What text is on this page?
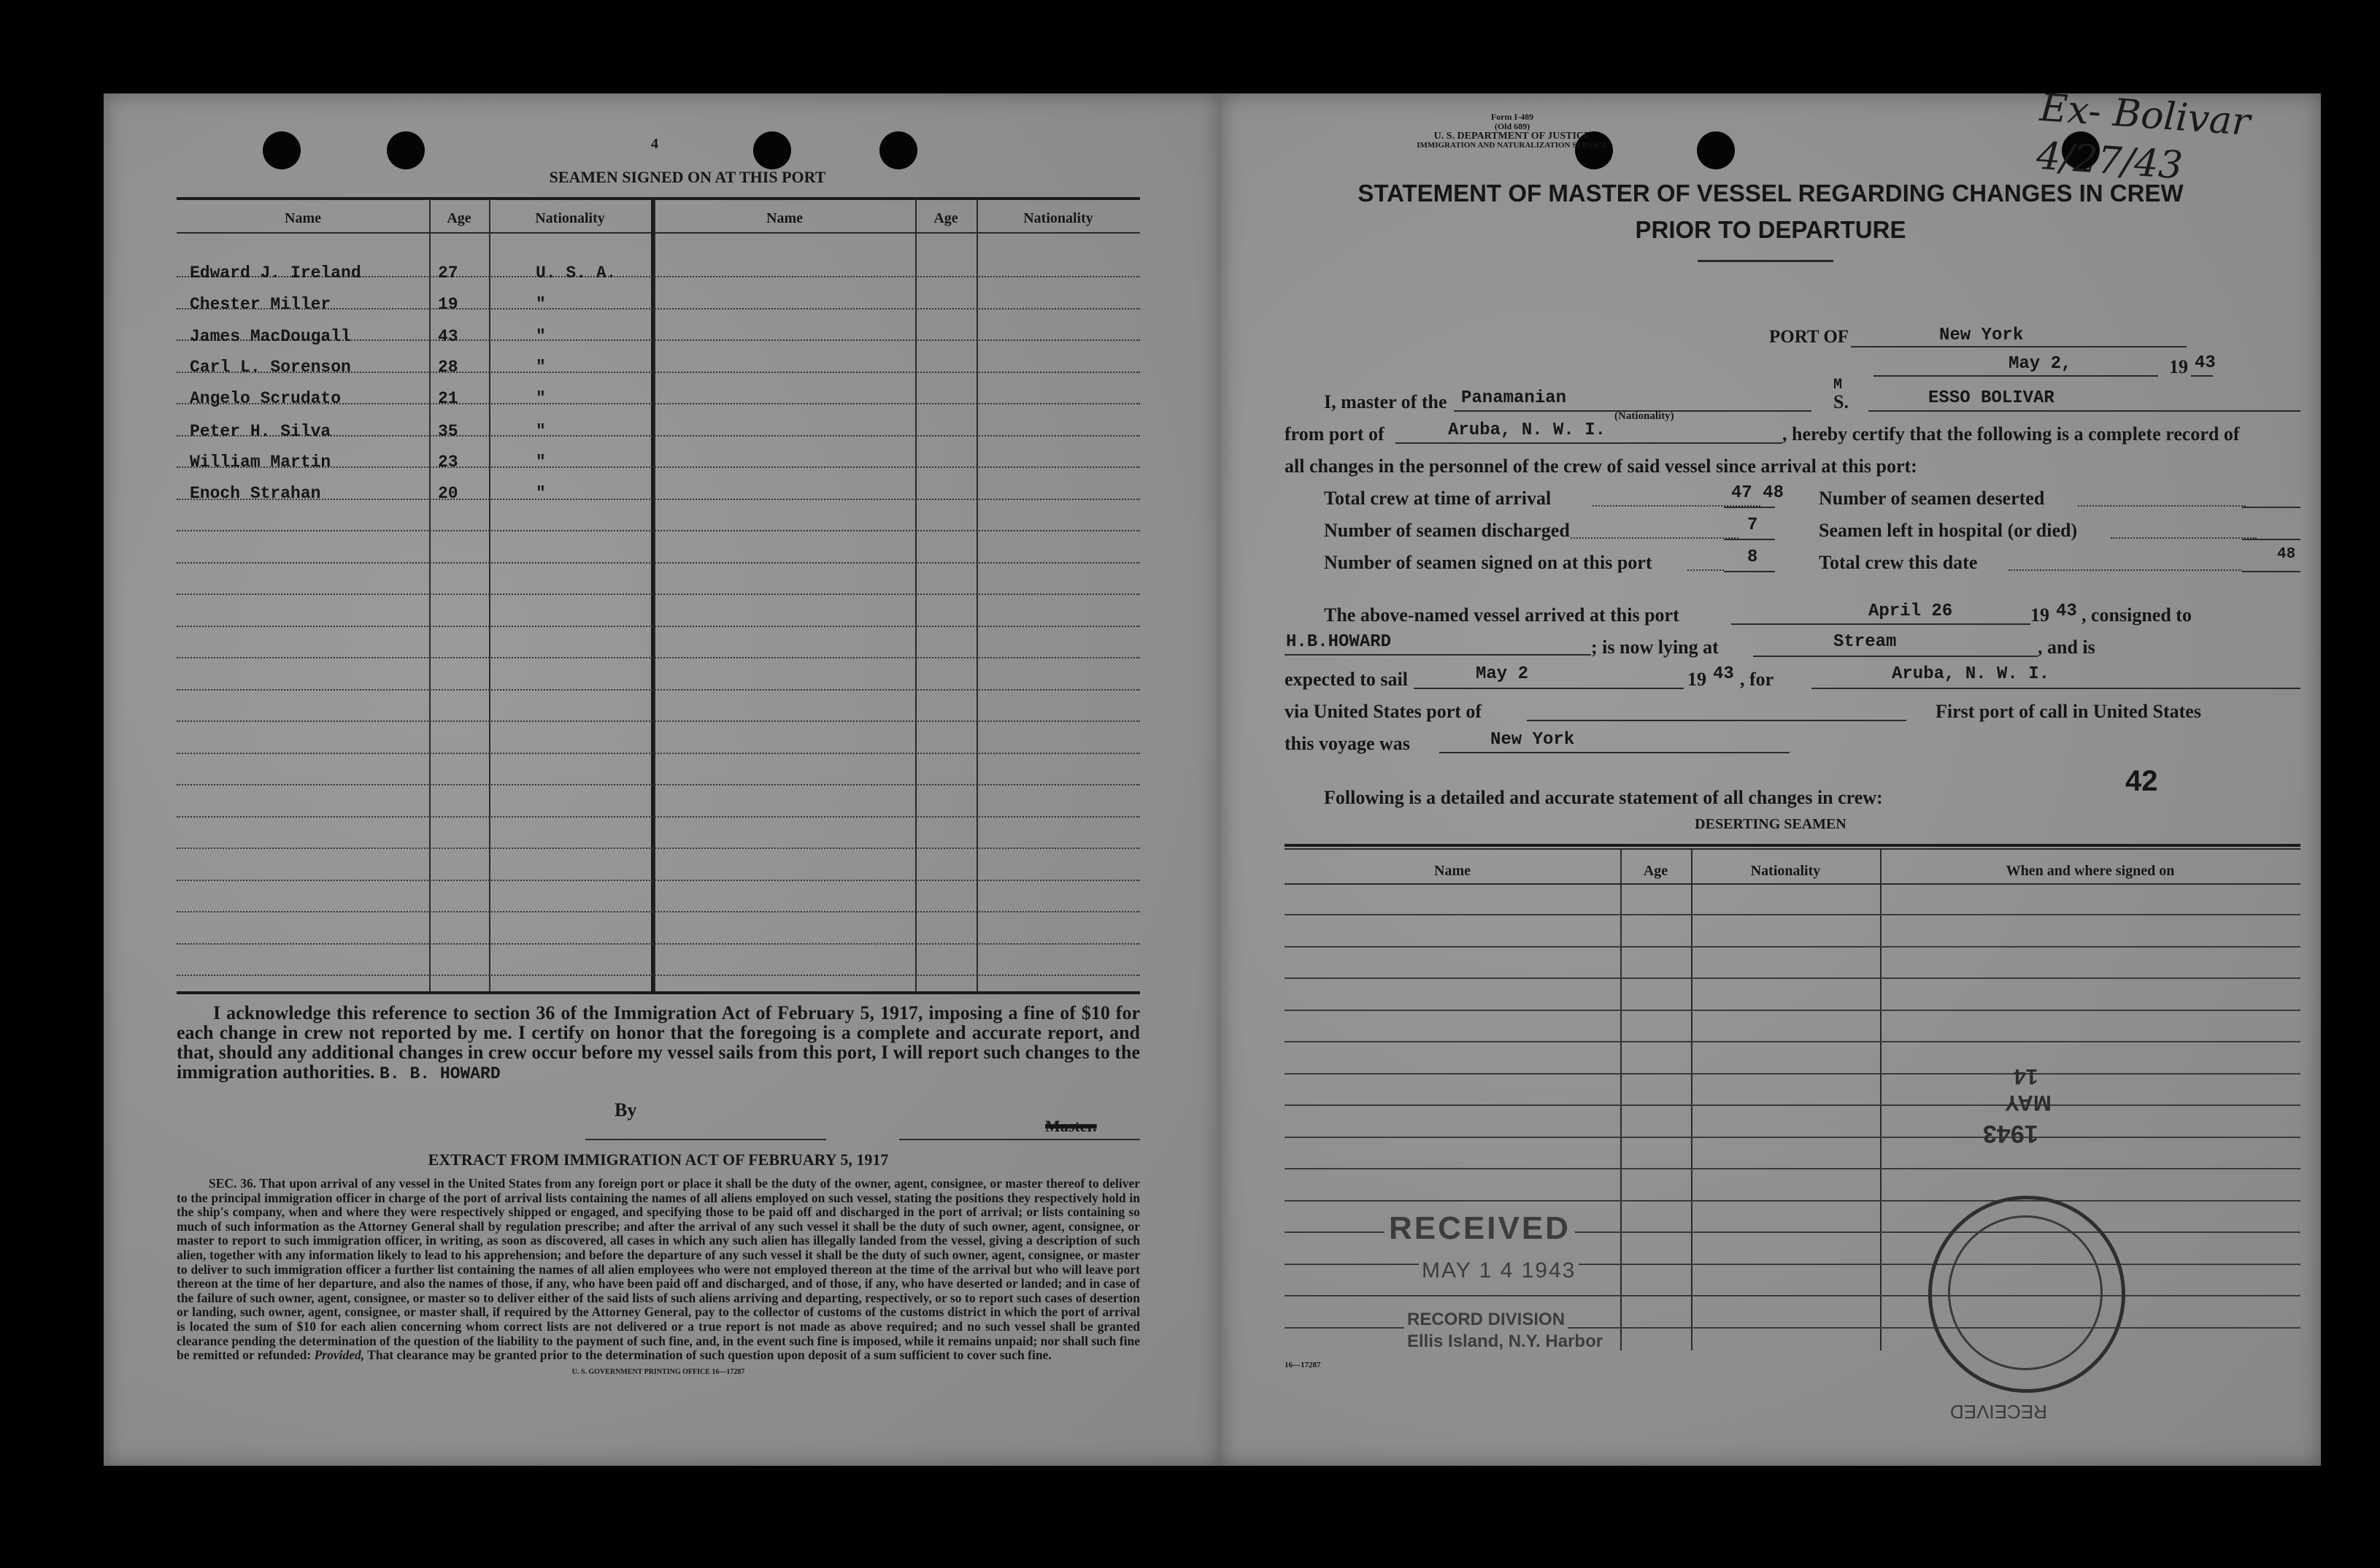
4
SEAMEN SIGNED ON AT THIS PORT
Name	Age	Nationality	Name	Age	Nationality
Edward J. Ireland	27	U. S. A.
Chester Miller	19	"
James MacDougall	43	"
Carl L. Sorenson	28	"
Angelo Scrudato	21	"
Peter H. Silva	35	"
William Martin	23	"
Enoch Strahan	20	"
I acknowledge this reference to section 36 of the Immigration Act of February 5, 1917, imposing a fine of $10 for each change in crew not reported by me. I certify on honor that the foregoing is a complete and accurate report, and that, should any additional changes in crew occur before my vessel sails from this port, I will report such changes to the immigration authorities. B. B. HOWARD
By
Master.
EXTRACT FROM IMMIGRATION ACT OF FEBRUARY 5, 1917
SEC. 36. That upon arrival of any vessel in the United States from any foreign port or place it shall be the duty of the owner, agent, consignee, or master thereof to deliver to the principal immigration officer in charge of the port of arrival lists containing the names of all aliens employed on such vessel, stating the positions they respectively hold in the ship's company, when and where they were respectively shipped or engaged, and specifying those to be paid off and discharged in the port of arrival; or lists containing so much of such information as the Attorney General shall by regulation prescribe; and after the arrival of any such vessel it shall be the duty of such owner, agent, consignee, or master to report to such immigration officer, in writing, as soon as discovered, all cases in which any such alien has illegally landed from the vessel, giving a description of such alien, together with any information likely to lead to his apprehension; and before the departure of any such vessel it shall be the duty of such owner, agent, consignee, or master to deliver to such immigration officer a further list containing the names of all alien employees who were not employed thereon at the time of the arrival but who will leave port thereon at the time of her departure, and also the names of those, if any, who have been paid off and discharged, and of those, if any, who have deserted or landed; and in case of the failure of such owner, agent, consignee, or master so to deliver either of the said lists of such aliens arriving and departing, respectively, or so to report such cases of desertion or landing, such owner, agent, consignee, or master shall, if required by the Attorney General, pay to the collector of customs of the customs district in which the port of arrival is located the sum of $10 for each alien concerning whom correct lists are not delivered or a true report is not made as above required; and no such vessel shall be granted clearance pending the determination of the question of the liability to the payment of such fine, and, in the event such fine is imposed, while it remains unpaid; nor shall such fine be remitted or refunded: Provided, That clearance may be granted prior to the determination of such question upon deposit of a sum sufficient to cover such fine.
U. S. GOVERNMENT PRINTING OFFICE 16—17287
Form I-489
(Old 689)
U. S. DEPARTMENT OF JUSTICE
IMMIGRATION AND NATURALIZATION SERVICE
Ex- Bolivar 4/27/43
STATEMENT OF MASTER OF VESSEL REGARDING CHANGES IN CREW
PRIOR TO DEPARTURE
PORT OF	New York
May 2,	19 43
I, master of the Panamanian
(Nationality)
M
S.	ESSO BOLIVAR
from port of	Aruba, N. W. I.	, hereby certify that the following is a complete record of
all changes in the personnel of the crew of said vessel since arrival at this port:
Total crew at time of arrival	47 48 Number of seamen deserted
Number of seamen discharged	7	Seamen left in hospital (or died)
Number of seamen signed on at this port	8	Total crew this date	48
The above-named vessel arrived at this port	April 26	19 43 , consigned to
H.B.HOWARD	; is now lying at	Stream	, and is
expected to sail	May 2	19 43 , for	Aruba, N. W. I.
via United States port of	First port of call in United States
this voyage was	New York
42
Following is a detailed and accurate statement of all changes in crew:
DESERTING SEAMEN
Name	Age	Nationality	When and where signed on
RECEIVED
MAY 1 4 1943
RECORD DIVISION
Ellis Island, N.Y. Harbor
1943
MAY
14
RECEIVED
16—17287
